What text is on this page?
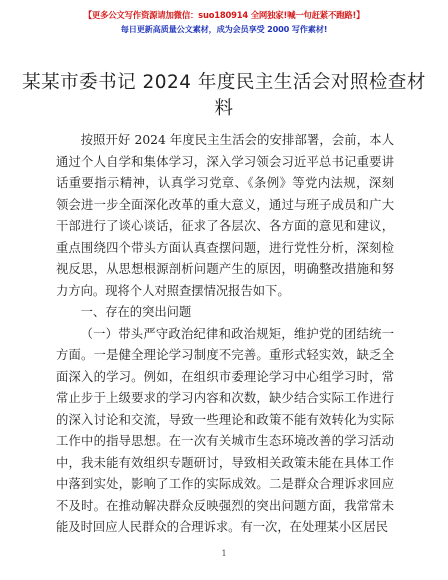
【更多公文写作资源请加微信：suo180914 全网独家!喊一句赶紧不跑路!】
每日更新高质量公文素材，成为会员享受 2000 写作素材!
某某市委书记 2024 年度民主生活会对照检查材料

按照开好 2024 年度民主生活会的安排部署，会前，本人通过个人自学和集体学习，深入学习领会习近平总书记重要讲话重要指示精神，认真学习党章、《条例》等党内法规，深刻领会进一步全面深化改革的重大意义，通过与班子成员和广大干部进行了谈心谈话，征求了各层次、各方面的意见和建议，重点围绕四个带头方面认真查摆问题，进行党性分析，深刻检视反思，从思想根源剖析问题产生的原因，明确整改措施和努力方向。现将个人对照查摆情况报告如下。

一、存在的突出问题

（一）带头严守政治纪律和政治规矩，维护党的团结统一方面。一是健全理论学习制度不完善。重形式轻实效，缺乏全面深入的学习。例如，在组织市委理论学习中心组学习时，常常止步于上级要求的学习内容和次数，缺少结合实际工作进行的深入讨论和交流，导致一些理论和政策不能有效转化为实际工作中的指导思想。在一次有关城市生态环境改善的学习活动中，我未能有效组织专题研讨，导致相关政策未能在具体工作中落到实处，影响了工作的实际成效。二是群众合理诉求回应不及时。在推动解决群众反映强烈的突出问题方面，我常常未能及时回应人民群众的合理诉求。有一次，在处理某小区居民

1
